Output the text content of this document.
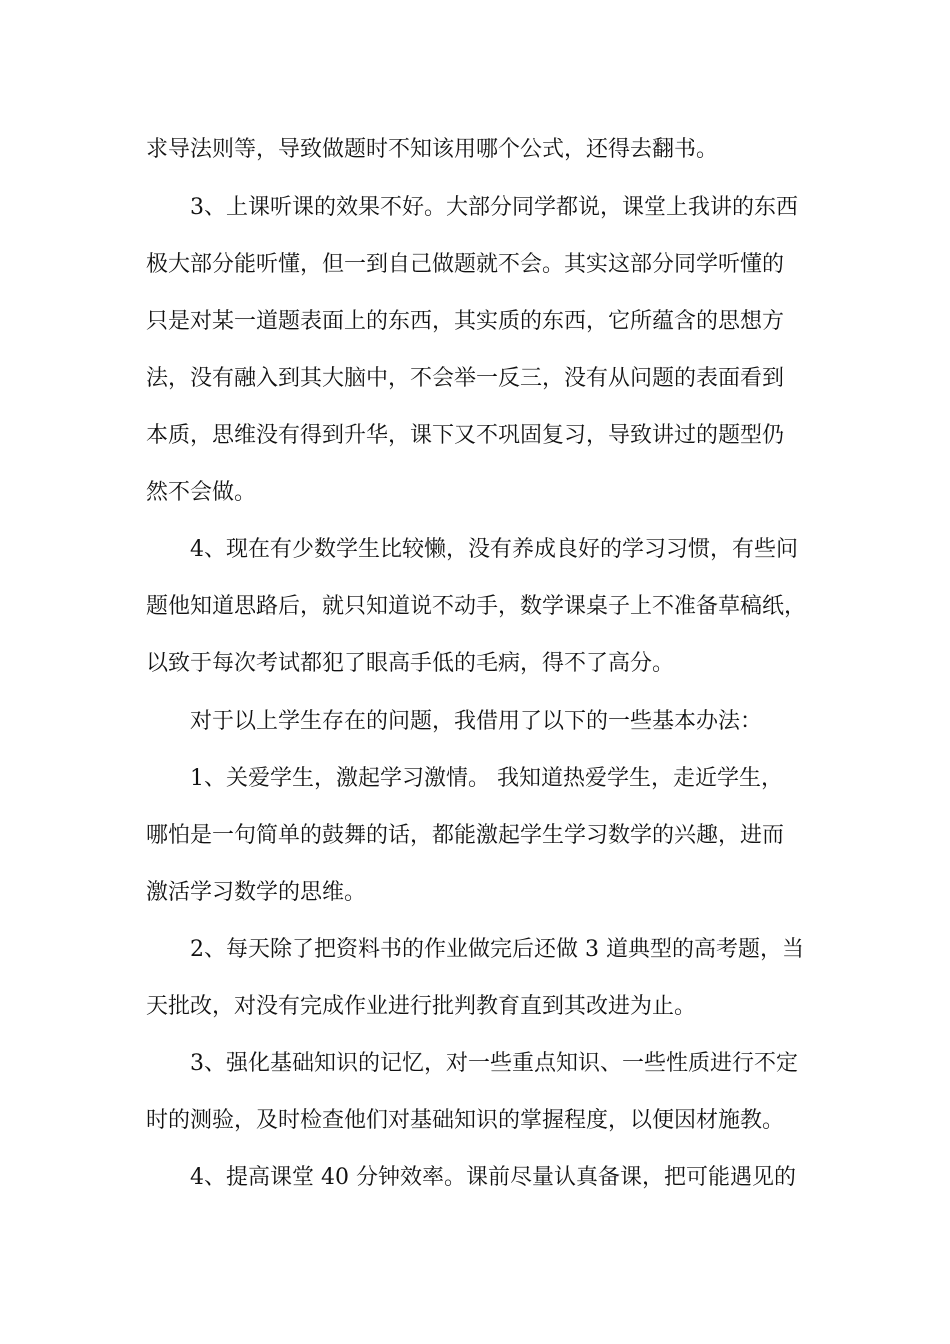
求导法则等，导致做题时不知该用哪个公式，还得去翻书。
3、上课听课的效果不好。大部分同学都说，课堂上我讲的东西
极大部分能听懂，但一到自己做题就不会。其实这部分同学听懂的
只是对某一道题表面上的东西，其实质的东西，它所蕴含的思想方
法，没有融入到其大脑中，不会举一反三，没有从问题的表面看到
本质，思维没有得到升华，课下又不巩固复习，导致讲过的题型仍
然不会做。
4、现在有少数学生比较懒，没有养成良好的学习习惯，有些问
题他知道思路后，就只知道说不动手，数学课桌子上不准备草稿纸，
以致于每次考试都犯了眼高手低的毛病，得不了高分。
对于以上学生存在的问题，我借用了以下的一些基本办法：
1、关爱学生，激起学习激情。 我知道热爱学生，走近学生，
哪怕是一句简单的鼓舞的话，都能激起学生学习数学的兴趣，进而
激活学习数学的思维。
2、每天除了把资料书的作业做完后还做 3 道典型的高考题，当
天批改，对没有完成作业进行批判教育直到其改进为止。
3、强化基础知识的记忆，对一些重点知识、一些性质进行不定
时的测验，及时检查他们对基础知识的掌握程度，以便因材施教。
4、提高课堂 40 分钟效率。课前尽量认真备课，把可能遇见的
